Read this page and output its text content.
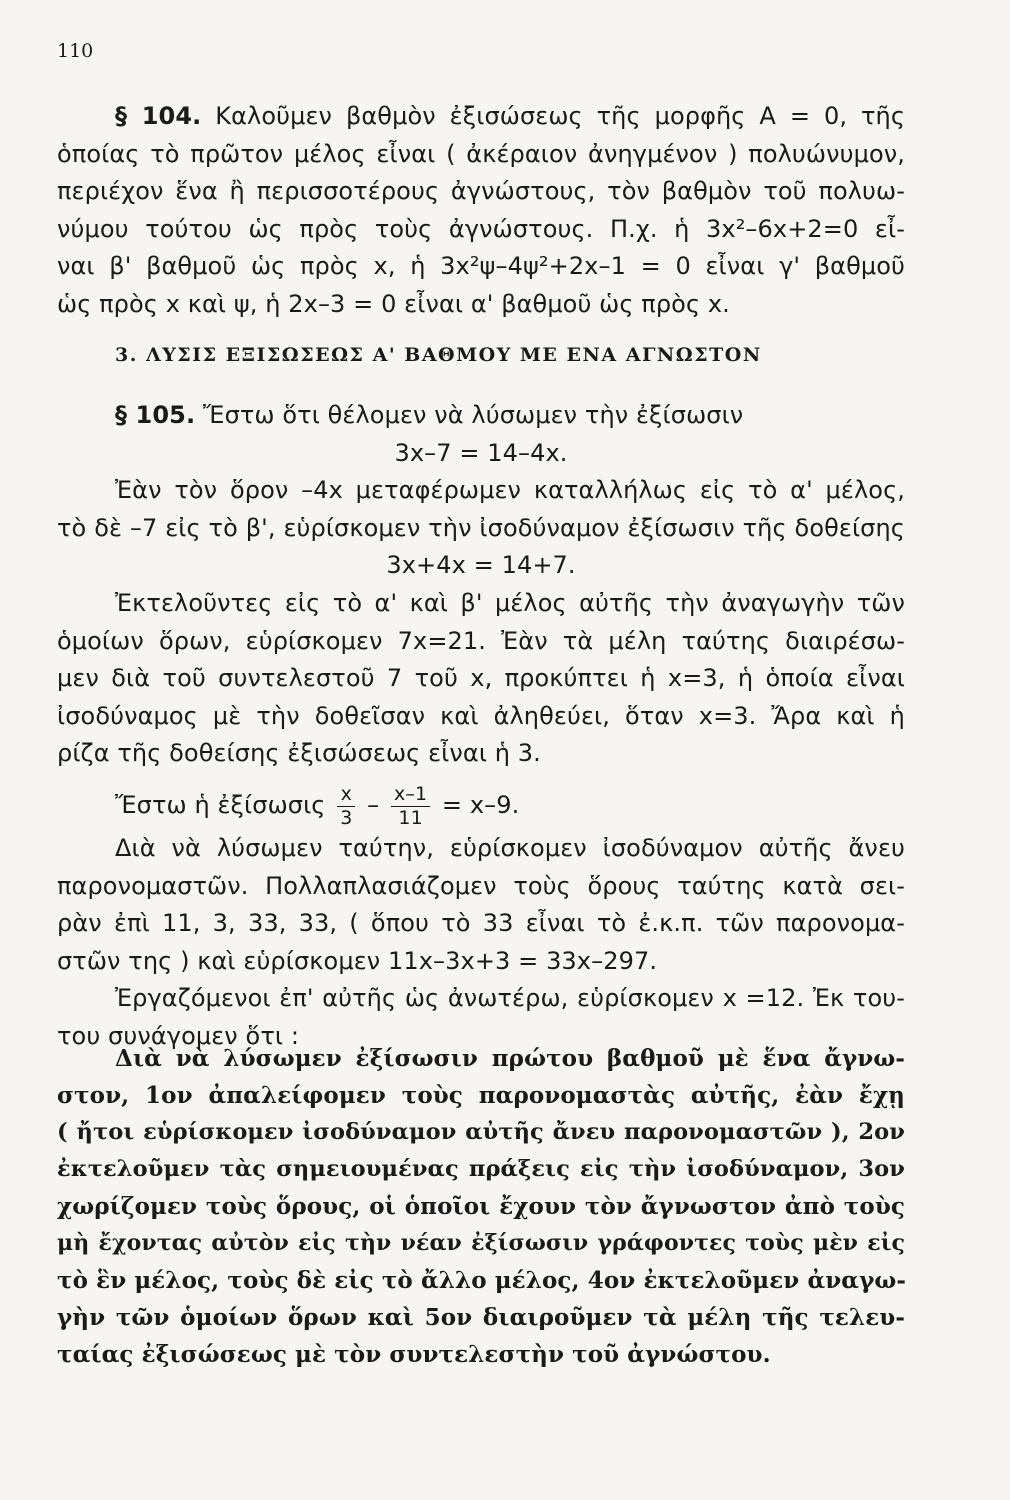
110
§ 104. Καλοῦμεν βαθμὸν ἐξισώσεως τῆς μορφῆς A = 0, τῆς
ὁποίας τὸ πρῶτον μέλος εἶναι ( ἀκέραιον ἀνηγμένον ) πολυώνυμον,
περιέχον ἕνα ἢ περισσοτέρους ἀγνώστους, τὸν βαθμὸν τοῦ πολυω-
νύμου τούτου ὡς πρὸς τοὺς ἀγνώστους. Π.χ. ἡ 3x²–6x+2=0 εἶ-
ναι β' βαθμοῦ ὡς πρὸς x, ἡ 3x²ψ–4ψ²+2x–1 = 0 εἶναι γ' βαθμοῦ
ὡς πρὸς x καὶ ψ, ἡ 2x–3 = 0 εἶναι α' βαθμοῦ ὡς πρὸς x.
3. ΛΥΣΙΣ ΕΞΙΣΩΣΕΩΣ Α' ΒΑΘΜΟΥ ΜΕ ΕΝΑ ΑΓΝΩΣΤΟΝ
§ 105. Ἔστω ὅτι θέλομεν νὰ λύσωμεν τὴν ἐξίσωσιν
3x–7 = 14–4x.
Ἐὰν τὸν ὅρον –4x μεταφέρωμεν καταλλήλως εἰς τὸ α' μέλος,
τὸ δὲ –7 εἰς τὸ β', εὑρίσκομεν τὴν ἰσοδύναμον ἐξίσωσιν τῆς δοθείσης
3x+4x = 14+7.
Ἐκτελοῦντες εἰς τὸ α' καὶ β' μέλος αὐτῆς τὴν ἀναγωγὴν τῶν
ὁμοίων ὅρων, εὑρίσκομεν 7x=21. Ἐὰν τὰ μέλη ταύτης διαιρέσω-
μεν διὰ τοῦ συντελεστοῦ 7 τοῦ x, προκύπτει ἡ x=3, ἡ ὁποία εἶναι
ἰσοδύναμος μὲ τὴν δοθεῖσαν καὶ ἀληθεύει, ὅταν x=3. Ἄρα καὶ ἡ
ρίζα τῆς δοθείσης ἐξισώσεως εἶναι ἡ 3.
Ἔστω ἡ ἐξίσωσις $\frac{x}{3} - \frac{x-1}{11} = x-9$.
Διὰ νὰ λύσωμεν ταύτην, εὑρίσκομεν ἰσοδύναμον αὐτῆς ἄνευ
παρονομαστῶν. Πολλαπλασιάζομεν τοὺς ὅρους ταύτης κατὰ σει-
ρὰν ἐπὶ 11, 3, 33, 33, ( ὅπου τὸ 33 εἶναι τὸ ἐ.κ.π. τῶν παρονομα-
στῶν της ) καὶ εὑρίσκομεν 11x–3x+3 = 33x–297.
Ἐργαζόμενοι ἐπ' αὐτῆς ὡς ἀνωτέρω, εὑρίσκομεν x =12. Ἐκ του-
του συνάγομεν ὅτι :
Διὰ νὰ λύσωμεν ἐξίσωσιν πρώτου βαθμοῦ μὲ ἕνα ἄγνω-
στον, 1ον ἀπαλείφομεν τοὺς παρονομαστὰς αὐτῆς, ἐὰν ἔχῃ
( ἤτοι εὑρίσκομεν ἰσοδύναμον αὐτῆς ἄνευ παρονομαστῶν ), 2ον
ἐκτελοῦμεν τὰς σημειουμένας πράξεις εἰς τὴν ἰσοδύναμον, 3ον
χωρίζομεν τοὺς ὅρους, οἱ ὁποῖοι ἔχουν τὸν ἄγνωστον ἀπὸ τοὺς
μὴ ἔχοντας αὐτὸν εἰς τὴν νέαν ἐξίσωσιν γράφοντες τοὺς μὲν εἰς
τὸ ἓν μέλος, τοὺς δὲ εἰς τὸ ἄλλο μέλος, 4ον ἐκτελοῦμεν ἀναγω-
γὴν τῶν ὁμοίων ὅρων καὶ 5ον διαιροῦμεν τὰ μέλη τῆς τελευ-
ταίας ἐξισώσεως μὲ τὸν συντελεστὴν τοῦ ἀγνώστου.
